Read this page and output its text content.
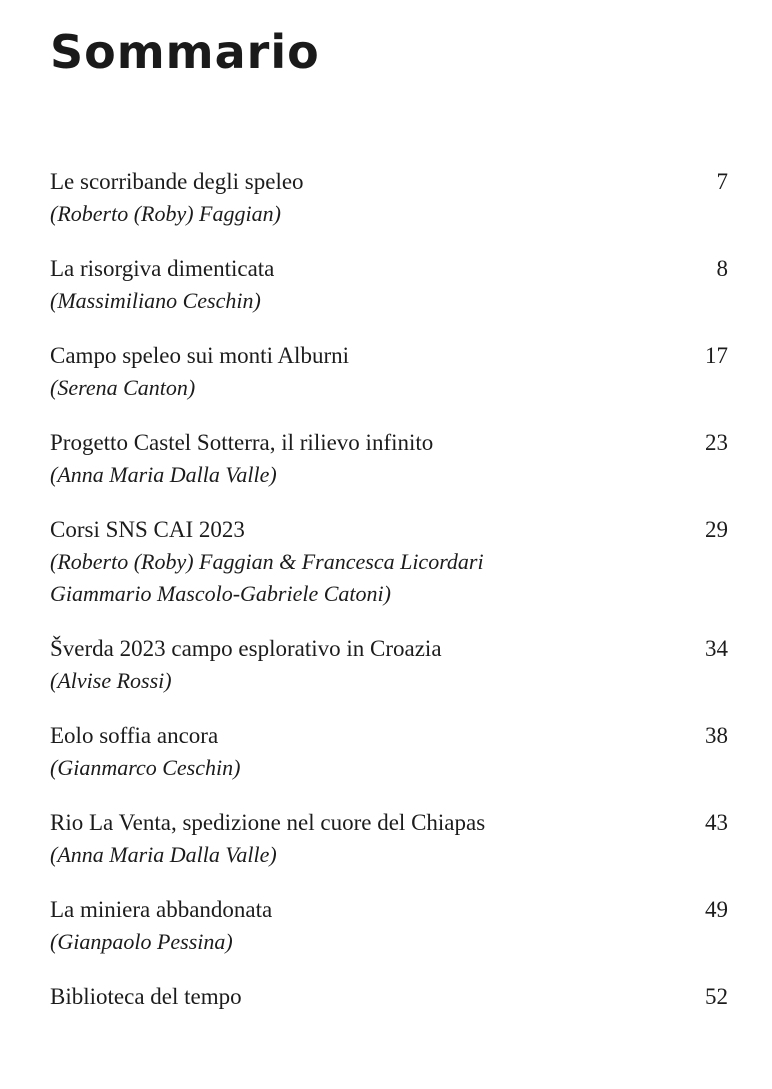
Sommario
Le scorribande degli speleo
(Roberto (Roby) Faggian)
7
La risorgiva dimenticata
(Massimiliano Ceschin)
8
Campo speleo sui monti Alburni
(Serena Canton)
17
Progetto Castel Sotterra, il rilievo infinito
(Anna Maria Dalla Valle)
23
Corsi SNS CAI 2023
(Roberto (Roby) Faggian & Francesca Licordari
Giammario Mascolo-Gabriele Catoni)
29
Šverda 2023 campo esplorativo in Croazia
(Alvise Rossi)
34
Eolo soffia ancora
(Gianmarco Ceschin)
38
Rio La Venta, spedizione nel cuore del Chiapas
(Anna Maria Dalla Valle)
43
La miniera abbandonata
(Gianpaolo Pessina)
49
Biblioteca del tempo	52
